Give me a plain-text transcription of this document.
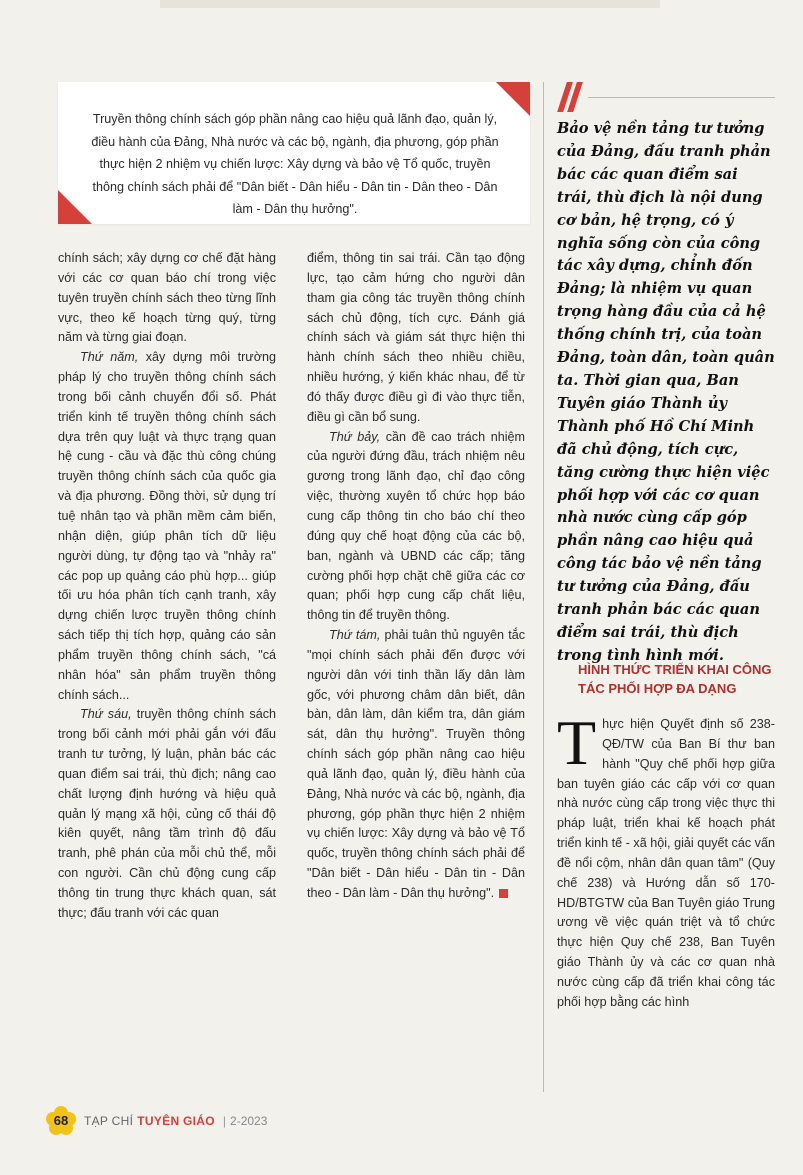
Truyền thông chính sách góp phần nâng cao hiệu quả lãnh đạo, quản lý, điều hành của Đảng, Nhà nước và các bộ, ngành, địa phương, góp phần thực hiện 2 nhiệm vụ chiến lược: Xây dựng và bảo vệ Tổ quốc, truyền thông chính sách phải để "Dân biết - Dân hiểu - Dân tin - Dân theo - Dân làm - Dân thụ hưởng".

chính sách; xây dựng cơ chế đặt hàng với các cơ quan báo chí trong việc tuyên truyền chính sách theo từng lĩnh vực, theo kế hoạch từng quý, từng năm và từng giai đoạn.

Thứ năm, xây dựng môi trường pháp lý cho truyền thông chính sách trong bối cảnh chuyển đổi số. Phát triển kinh tế truyền thông chính sách dựa trên quy luật và thực trạng quan hệ cung - cầu và đặc thù công chúng truyền thông chính sách của quốc gia và địa phương. Đồng thời, sử dụng trí tuệ nhân tạo và phần mềm cảm biến, nhận diện, giúp phân tích dữ liệu người dùng, tự động tạo và "nhảy ra" các pop up quảng cáo phù hợp... giúp tối ưu hóa phân tích cạnh tranh, xây dựng chiến lược truyền thông chính sách tiếp thị tích hợp, quảng cáo sản phẩm truyền thông chính sách, "cá nhân hóa" sản phẩm truyền thông chính sách...

Thứ sáu, truyền thông chính sách trong bối cảnh mới phải gắn với đấu tranh tư tưởng, lý luận, phản bác các quan điểm sai trái, thù địch; nâng cao chất lượng định hướng và hiệu quả quản lý mạng xã hội, củng cố thái độ kiên quyết, nâng tầm trình độ đấu tranh, phê phán của mỗi chủ thể, mỗi con người. Cần chủ động cung cấp thông tin trung thực khách quan, sát thực; đấu tranh với các quan

điểm, thông tin sai trái. Cần tạo động lực, tạo cảm hứng cho người dân tham gia công tác truyền thông chính sách chủ động, tích cực. Đánh giá chính sách và giám sát thực hiện thi hành chính sách theo nhiều chiều, nhiều hướng, ý kiến khác nhau, để từ đó thấy được điều gì đi vào thực tiễn, điều gì cần bổ sung.

Thứ bảy, cần đề cao trách nhiệm của người đứng đầu, trách nhiệm nêu gương trong lãnh đạo, chỉ đạo công việc, thường xuyên tổ chức họp báo cung cấp thông tin cho báo chí theo đúng quy chế hoạt động của các bộ, ban, ngành và UBND các cấp; tăng cường phối hợp chặt chẽ giữa các cơ quan; phối hợp cung cấp chất liệu, thông tin để truyền thông.

Thứ tám, phải tuân thủ nguyên tắc "mọi chính sách phải đến được với người dân với tinh thần lấy dân làm gốc, với phương châm dân biết, dân bàn, dân làm, dân kiểm tra, dân giám sát, dân thụ hưởng". Truyền thông chính sách góp phần nâng cao hiệu quả lãnh đạo, quản lý, điều hành của Đảng, Nhà nước và các bộ, ngành, địa phương, góp phần thực hiện 2 nhiệm vụ chiến lược: Xây dựng và bảo vệ Tổ quốc, truyền thông chính sách phải để "Dân biết - Dân hiểu - Dân tin - Dân theo - Dân làm - Dân thụ hưởng".

Bảo vệ nền tảng tư tưởng của Đảng, đấu tranh phản bác các quan điểm sai trái, thù địch là nội dung cơ bản, hệ trọng, có ý nghĩa sống còn của công tác xây dựng, chỉnh đốn Đảng; là nhiệm vụ quan trọng hàng đầu của cả hệ thống chính trị, của toàn Đảng, toàn dân, toàn quân ta. Thời gian qua, Ban Tuyên giáo Thành ủy Thành phố Hồ Chí Minh đã chủ động, tích cực, tăng cường thực hiện việc phối hợp với các cơ quan nhà nước cùng cấp góp phần nâng cao hiệu quả công tác bảo vệ nền tảng tư tưởng của Đảng, đấu tranh phản bác các quan điểm sai trái, thù địch trong tình hình mới.
HÌNH THỨC TRIỂN KHAI CÔNG TÁC PHỐI HỢP ĐA DẠNG

Thực hiện Quyết định số 238-QĐ/TW của Ban Bí thư ban hành "Quy chế phối hợp giữa ban tuyên giáo các cấp với cơ quan nhà nước cùng cấp trong việc thực thi pháp luật, triển khai kế hoạch phát triển kinh tế - xã hội, giải quyết các vấn đề nổi cộm, nhân dân quan tâm" (Quy chế 238) và Hướng dẫn số 170-HD/BTGTW của Ban Tuyên giáo Trung ương về việc quán triệt và tổ chức thực hiện Quy chế 238, Ban Tuyên giáo Thành ủy và các cơ quan nhà nước cùng cấp đã triển khai công tác phối hợp bằng các hình

68	TẠP CHÍ TUYÊN GIÁO | 2-2023
